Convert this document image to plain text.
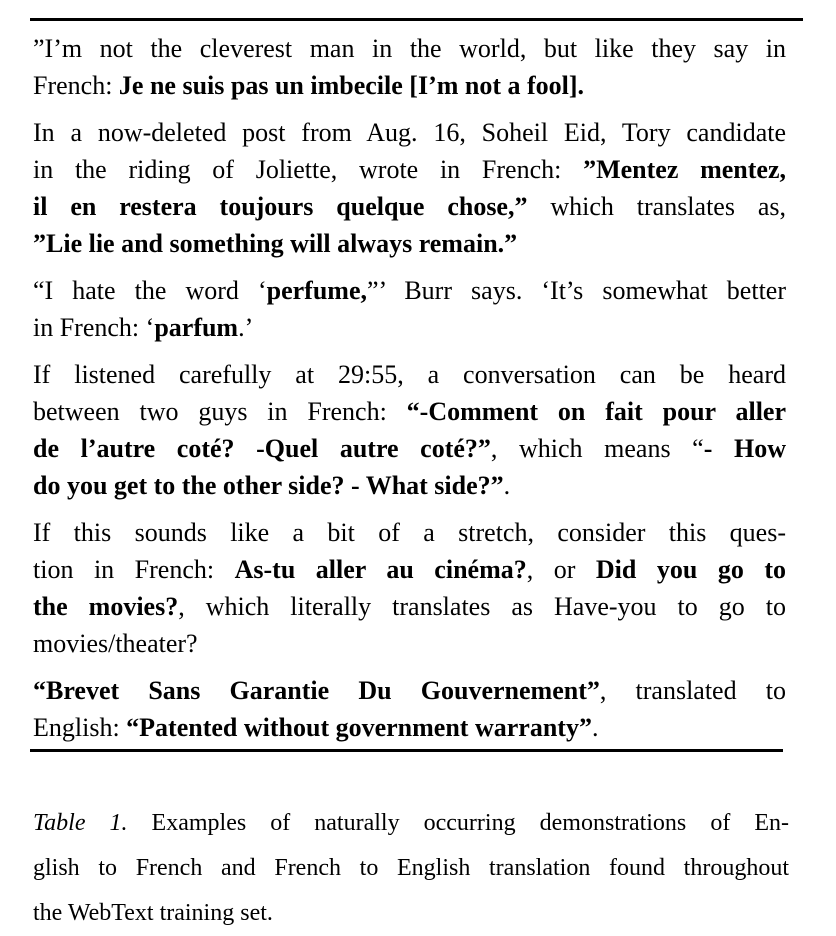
”I’m not the cleverest man in the world, but like they say in
French: Je ne suis pas un imbecile [I’m not a fool].
In a now-deleted post from Aug. 16, Soheil Eid, Tory candidate
in the riding of Joliette, wrote in French: ”Mentez mentez,
il en restera toujours quelque chose,” which translates as,
”Lie lie and something will always remain.”
“I hate the word ‘perfume,”’ Burr says. ‘It’s somewhat better
in French: ‘parfum.’
If listened carefully at 29:55, a conversation can be heard
between two guys in French: “-Comment on fait pour aller
de l’autre coté? -Quel autre coté?”, which means “- How
do you get to the other side? - What side?”.
If this sounds like a bit of a stretch, consider this ques-
tion in French: As-tu aller au cinéma?, or Did you go to
the movies?, which literally translates as Have-you to go to
movies/theater?
“Brevet Sans Garantie Du Gouvernement”, translated to
English: “Patented without government warranty”.
Table 1. Examples of naturally occurring demonstrations of En-
glish to French and French to English translation found throughout
the WebText training set.
